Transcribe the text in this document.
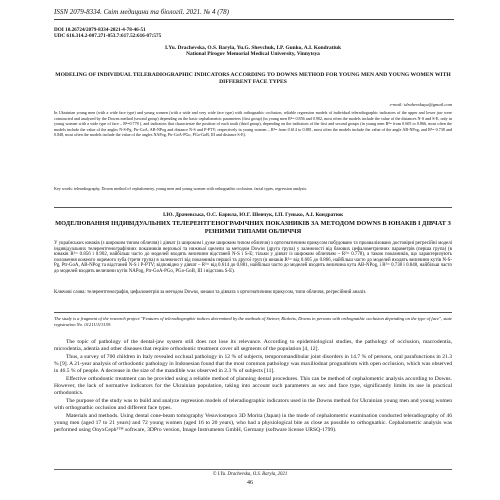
ISSN 2079-8334. Світ медицини та біології. 2021. № 4 (78)
DOI 10.26724/2079-8334-2021-4-78-46-51
UDC 616.314.2-007.271-053.7:617.52:616-07:575
I.Yu. Drachevska, O.S. Baryla, Yu.G. Shevchuk, I.P. Gunko, A.I. Kondratiuk
National Pirogov Memorial Medical University, Vinnytsya
MODELING OF INDIVIDUAL TELERADIOGRAPHIC INDICATORS ACCORDING TO DOWNS METHOD FOR YOUNG MEN AND YOUNG WOMEN WITH DIFFERENT FACE TYPES
e-mail: idrahevskaya@gmail.com
In Ukrainian young men (with a wide face type) and young women (with a wide and very wide face type) with orthognathic occlusion, reliable regression models of individual teleradiographic indicators of the upper and lower jaw were constructed and analyzed by the Downs method (second group) depending on the basic cephalometric parameters (first group) (in young men R²= 0.856 and 0.902, most often the models include the value of the distances N-S and S-E, only in young women with a wide type of face – R²=0.778 ), and indicators that characterize the position of each tooth (third group), depending on the indicators of the first and second groups (in young men R²= from 0.605 to 0.866, most often the models include the value of the angles N-S-Pg, Ptr-GoA, AB-NPog and distance N-S and P-PTV; respectively in young women – R²= from 0.614 to 0.881, most often the models include the value of the angle AB-NPog, and R²= 0.738 and 0.848, most often the models include the value of the angles NAPog, Ptr-GoA-PGo, PGo-GoB, III and distance S-E).
Key words: teleradiography, Downs method of cephalometry, young men and young women with orthognathic occlusion, facial types, regression analysis.
І.Ю. Драчевська, О.С. Барила, Ю.Г. Шевчук, І.П. Гунько, А.І. Кондратюк
МОДЕЛЮВАННЯ ІНДИВІДУАЛЬНИХ ТЕЛЕРЕНТГЕНОГРАФІЧНИХ ПОКАЗНИКІВ ЗА МЕТОДОМ DOWNS В ЮНАКІВ І ДІВЧАТ З РІЗНИМИ ТИПАМИ ОБЛИЧЧЯ
У українських юнаків (з широким типом обличчя) і дівчат (з широким і дуже широким типом обличчя) з ортогнатичним прикусом побудовано та проаналізовано достовірні регресійні моделі індивідуальних телерентгенографічних показників верхньої та нижньої щелепи за методом Downs (друга група) у залежності від базових цефалометричних параметрів (перша група) (в юнаків R²= 0.856 і 0.902, найбільш часто до моделей входять величини відстаней N-S і S-E; тільки у дівчат із широким обличчям – R²= 0.778), а також показників, що характеризують положення кожного окремого зуба (третя група) в залежності від показників першої та другої груп (в юнаків R²= від 0.605 до 0.866, найбільш часто до моделей входять величини кутів N-S-Pg, Ptr-GoA, AB-NPog та відстаней N-S і P-PTV; відповідно у дівчат – R²= від 0.614 до 0.881, найбільш часто до моделей входить величина кута AB-NPog, і R²= 0.738 і 0.848, найбільш часто до моделей входять величини кутів NAPog, Ptr-GoA-PGo, PGo-GoB, III і відстань S-E).
Ключові слова: телерентгенографія, цефалометрія за методом Downs, юнаки та дівчата з ортогнатичним прикусом, типи обличчя, регресійний аналіз.
The study is a fragment of the research project "Features of teleradiographic indices determined by the methods of Steiner, Ricketts, Downs in persons with orthognathic occlusion depending on the type of face", state registration No. 0121U113159.

The topic of pathology of the dental-jaw system still does not lose its relevance. According to epidemiological studies, the pathology of occlusion, macrodentia, microdentia, adentia and other diseases that require orthodontic treatment cover all segments of the population [4, 12].

Thus, a survey of 700 children in Italy revealed occlusal pathology in 12 % of subjects, temporomandibular joint disorders in 14.7 % of persons, oral parafunctions in 21.3 % [9]. A 21-year analysis of orthodontic pathology in Indonesian found that the most common pathology was maxillodnar prognathism with open occlusion, which was observed in 46.5 % of people. A decrease in the size of the mandible was observed in 2.3 % of subjects [11].

Effective orthodontic treatment can be provided using a reliable method of planning dental procedures. This can be method of cephalometric analysis according to Downs. However, the lack of normative indicators for the Ukrainian population, taking into account such parameters as sex and face type, significantly limits its use in practical orthodontics.

The purpose of the study was to build and analyze regression models of teleradiographic indicators used in the Downs method for Ukrainian young men and young women with orthognathic occlusion and different face types.

Materials and methods. Using dental cone-beam tomography Vesuviostepco 3D Morita (Japan) in the mode of cephalometric examination conducted teleradiography of 46 young men (aged 17 to 21 years) and 72 young women (aged 16 to 20 years), who had a physiological bite as close as possible to orthognathic. Cephalometric analysis was performed using OnyxCeph³™ software, 3DPro version, Image Instruments GmbH, Germany (software license URSQ-1799).

© I.Yu. Drachevska, O.S. Baryla, 2021
46
